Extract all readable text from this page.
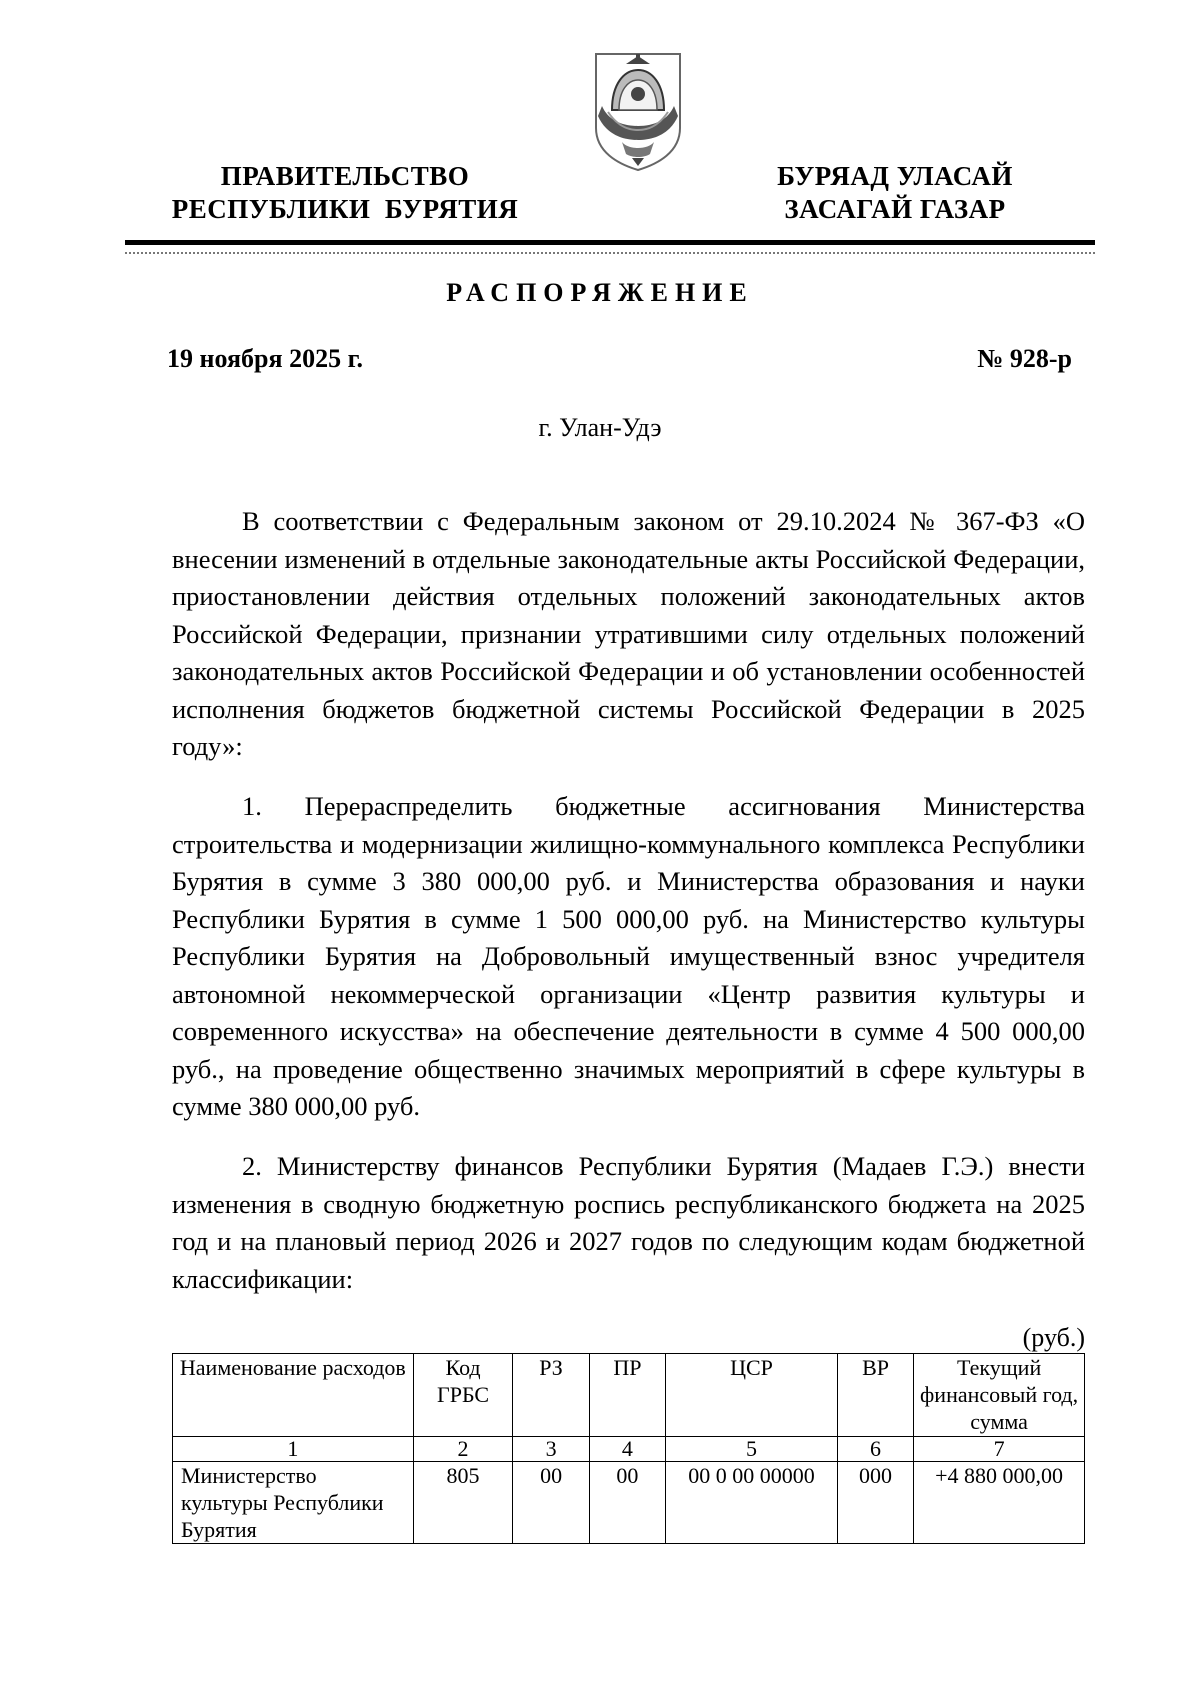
ПРАВИТЕЛЬСТВО
РЕСПУБЛИКИ  БУРЯТИЯ
БУРЯАД УЛАСАЙ
ЗАСАГАЙ ГАЗАР
РАСПОРЯЖЕНИЕ
19 ноября 2025 г.	№ 928-р
г. Улан-Удэ

В соответствии с Федеральным законом от 29.10.2024 № 367-ФЗ «О внесении изменений в отдельные законодательные акты Российской Федерации, приостановлении действия отдельных положений законодательных актов Российской Федерации, признании утратившими силу отдельных положений законодательных актов Российской Федерации и об установлении особенностей исполнения бюджетов бюджетной системы Российской Федерации в 2025 году»:

1. Перераспределить бюджетные ассигнования Министерства строительства и модернизации жилищно-коммунального комплекса Республики Бурятия в сумме 3 380 000,00 руб. и Министерства образования и науки Республики Бурятия в сумме 1 500 000,00 руб. на Министерство культуры Республики Бурятия на Добровольный имущественный взнос учредителя автономной некоммерческой организации «Центр развития культуры и современного искусства» на обеспечение деятельности в сумме 4 500 000,00 руб., на проведение общественно значимых мероприятий в сфере культуры в сумме 380 000,00 руб.

2. Министерству финансов Республики Бурятия (Мадаев Г.Э.) внести изменения в сводную бюджетную роспись республиканского бюджета на 2025 год и на плановый период 2026 и 2027 годов по следующим кодам бюджетной классификации:

(руб.)
Наименование расходов	Код ГРБС	РЗ	ПР	ЦСР	ВР	Текущий финансовый год, сумма
1	2	3	4	5	6	7
Министерство культуры Республики Бурятия	805	00	00	00 0 00 00000	000	+4 880 000,00
